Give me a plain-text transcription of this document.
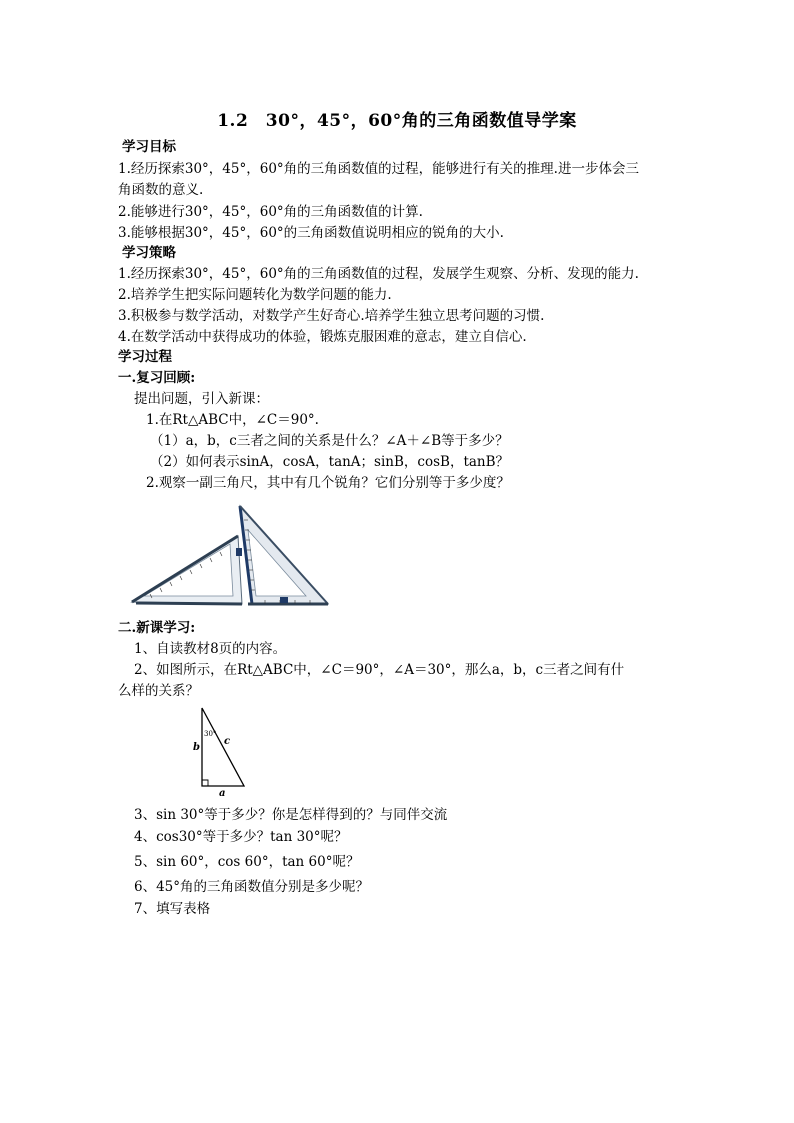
1.2　30°，45°，60°角的三角函数值导学案
学习目标
1.经历探索30°，45°，60°角的三角函数值的过程，能够进行有关的推理.进一步体会三
角函数的意义.
2.能够进行30°，45°，60°角的三角函数值的计算.
3.能够根据30°，45°，60°的三角函数值说明相应的锐角的大小.
学习策略
1.经历探索30°，45°，60°角的三角函数值的过程，发展学生观察、分析、发现的能力.
2.培养学生把实际问题转化为数学问题的能力.
3.积极参与数学活动，对数学产生好奇心.培养学生独立思考问题的习惯.
4.在数学活动中获得成功的体验，锻炼克服困难的意志，建立自信心.
学习过程
一.复习回顾:
提出问题，引入新课：
1.在Rt△ABC中，∠C＝90°.
（1）a，b，c三者之间的关系是什么？∠A＋∠B等于多少？
（2）如何表示sinA，cosA，tanA；sinB，cosB，tanB？
2.观察一副三角尺，其中有几个锐角？它们分别等于多少度？
二.新课学习:
1、自读教材8页的内容。
2、如图所示，在Rt△ABC中，∠C＝90°，∠A＝30°，那么a，b，c三者之间有什
么样的关系？
30°
b
c
a
3、sin 30°等于多少？你是怎样得到的？与同伴交流
4、cos30°等于多少？tan 30°呢？
5、sin 60°，cos 60°，tan 60°呢？
6、45°角的三角函数值分别是多少呢？
7、填写表格
